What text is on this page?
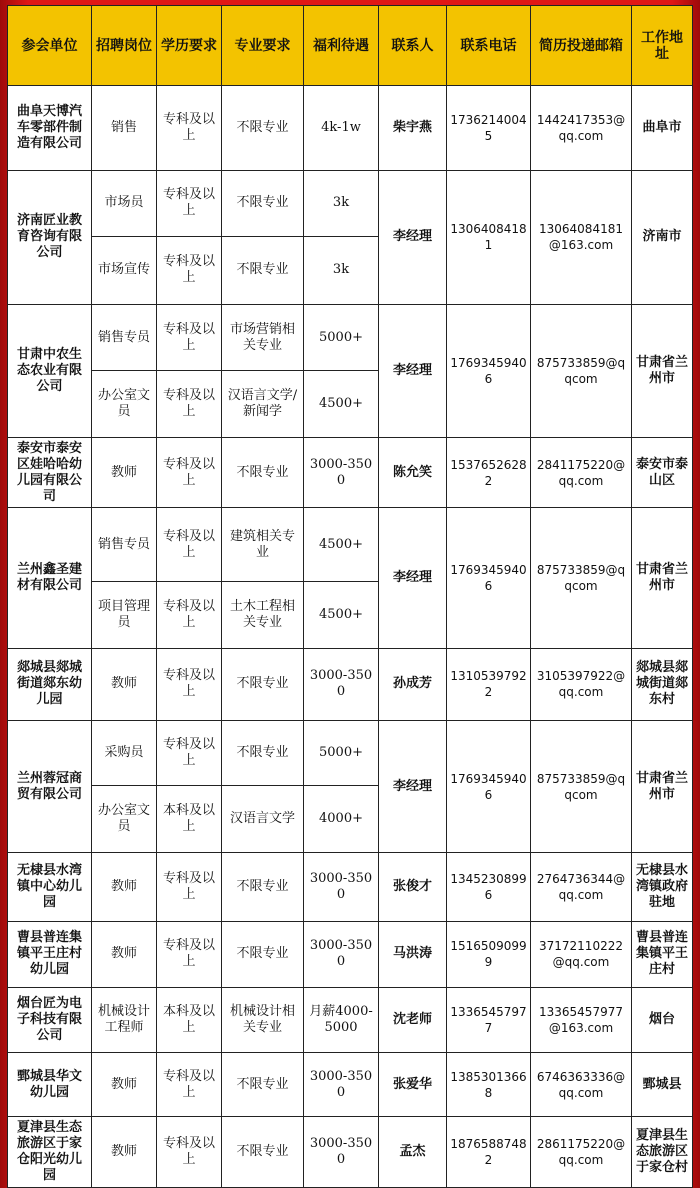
参会单位	招聘岗位	学历要求	专业要求	福利待遇	联系人	联系电话	简历投递邮箱	工作地址
曲阜天博汽车零部件制造有限公司	销售	专科及以上	不限专业	4k-1w	柴宇燕	17362140045	1442417353@qq.com	曲阜市
济南匠业教育咨询有限公司	市场员	专科及以上	不限专业	3k	李经理	13064084181	13064084181@163.com	济南市
	市场宣传	专科及以上	不限专业	3k				
甘肃中农生态农业有限公司	销售专员	专科及以上	市场营销相关专业	5000+	李经理	17693459406	875733859@qqcom	甘肃省兰州市
	办公室文员	专科及以上	汉语言文学/新闻学	4500+				
泰安市泰安区娃哈哈幼儿园有限公司	教师	专科及以上	不限专业	3000-3500	陈允笑	15376526282	2841175220@qq.com	泰安市泰山区
兰州鑫圣建材有限公司	销售专员	专科及以上	建筑相关专业	4500+	李经理	17693459406	875733859@qqcom	甘肃省兰州市
	项目管理员	专科及以上	土木工程相关专业	4500+				
郯城县郯城街道郯东幼儿园	教师	专科及以上	不限专业	3000-3500	孙成芳	13105397922	3105397922@qq.com	郯城县郯城街道郯东村
兰州蓉冠商贸有限公司	采购员	专科及以上	不限专业	5000+	李经理	17693459406	875733859@qqcom	甘肃省兰州市
	办公室文员	本科及以上	汉语言文学	4000+				
无棣县水湾镇中心幼儿园	教师	专科及以上	不限专业	3000-3500	张俊才	13452308996	2764736344@qq.com	无棣县水湾镇政府驻地
曹县普连集镇平王庄村幼儿园	教师	专科及以上	不限专业	3000-3500	马洪涛	15165090999	37172110222@qq.com	曹县普连集镇平王庄村
烟台匠为电子科技有限公司	机械设计工程师	本科及以上	机械设计相关专业	月薪4000-5000	沈老师	13365457977	13365457977@163.com	烟台
鄄城县华文幼儿园	教师	专科及以上	不限专业	3000-3500	张爱华	13853013668	6746363336@qq.com	鄄城县
夏津县生态旅游区于家仓阳光幼儿园	教师	专科及以上	不限专业	3000-3500	孟杰	18765887482	2861175220@qq.com	夏津县生态旅游区于家仓村
